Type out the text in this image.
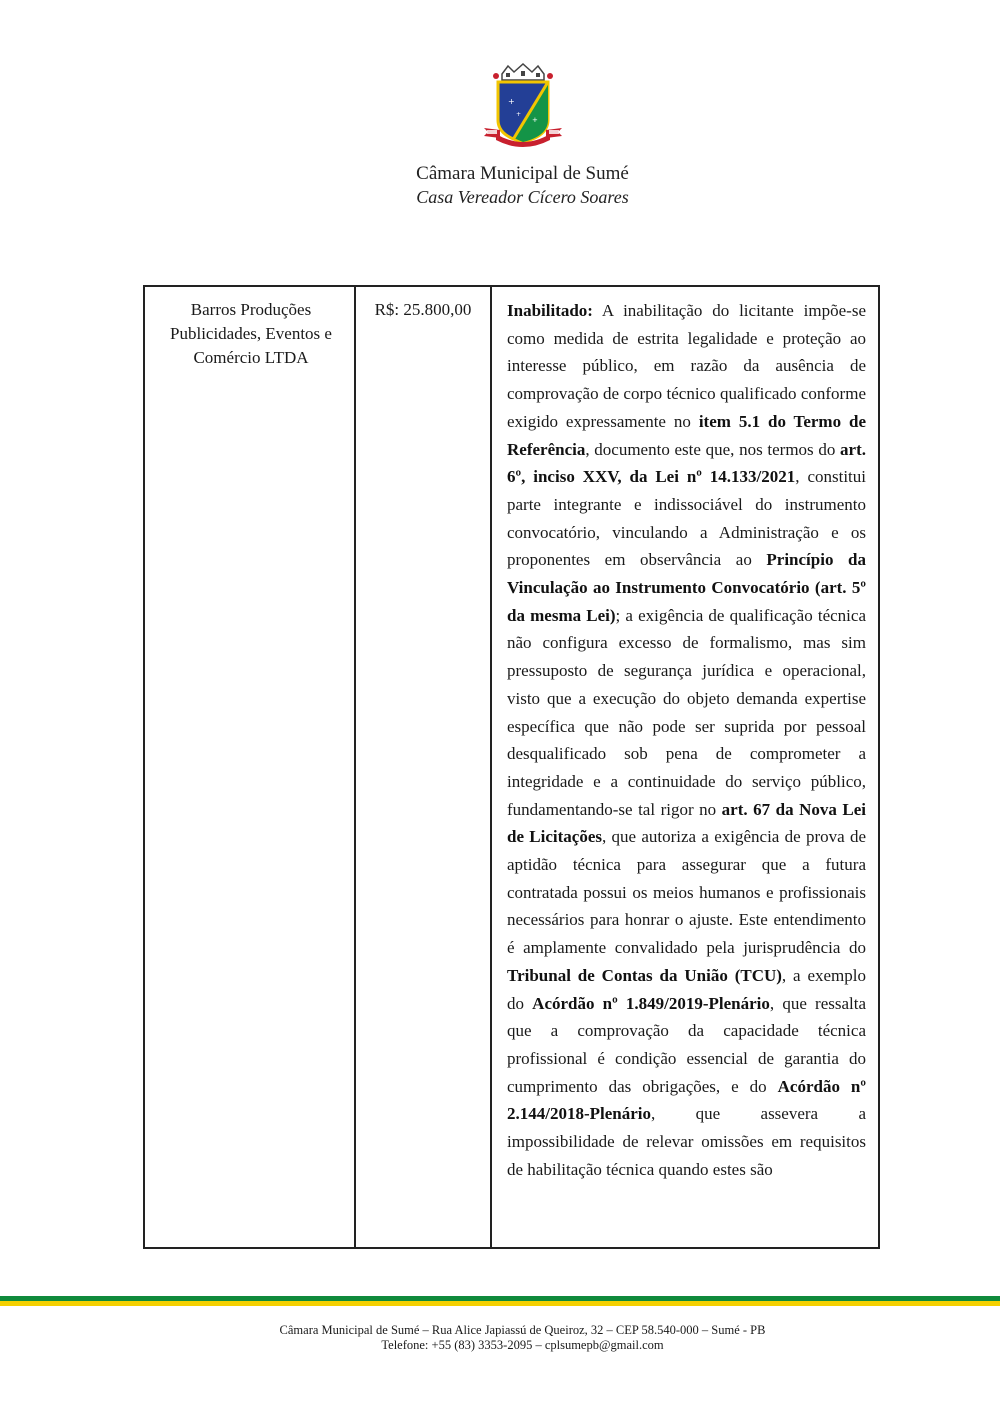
+
+
+
Câmara Municipal de Sumé
Casa Vereador Cícero Soares
Barros Produções Publicidades, Eventos e Comércio LTDA
R$: 25.800,00	Inabilitado: A inabilitação do licitante impõe-se como medida de estrita legalidade e proteção ao interesse público, em razão da ausência de comprovação de corpo técnico qualificado conforme exigido expressamente no item 5.1 do Termo de Referência, documento este que, nos termos do art. 6º, inciso XXV, da Lei nº 14.133/2021, constitui parte integrante e indissociável do instrumento convocatório, vinculando a Administração e os proponentes em observância ao Princípio da Vinculação ao Instrumento Convocatório (art. 5º da mesma Lei); a exigência de qualificação técnica não configura excesso de formalismo, mas sim pressuposto de segurança jurídica e operacional, visto que a execução do objeto demanda expertise específica que não pode ser suprida por pessoal desqualificado sob pena de comprometer a integridade e a continuidade do serviço público, fundamentando-se tal rigor no art. 67 da Nova Lei de Licitações, que autoriza a exigência de prova de aptidão técnica para assegurar que a futura contratada possui os meios humanos e profissionais necessários para honrar o ajuste. Este entendimento é amplamente convalidado pela jurisprudência do Tribunal de Contas da União (TCU), a exemplo do Acórdão nº 1.849/2019-Plenário, que ressalta que a comprovação da capacidade técnica profissional é condição essencial de garantia do cumprimento das obrigações, e do Acórdão nº 2.144/2018-Plenário, que assevera a impossibilidade de relevar omissões em requisitos de habilitação técnica quando estes são
Câmara Municipal de Sumé – Rua Alice Japiassú de Queiroz, 32 – CEP 58.540-000 – Sumé - PB
Telefone: +55 (83) 3353-2095 – cplsumepb@gmail.com
